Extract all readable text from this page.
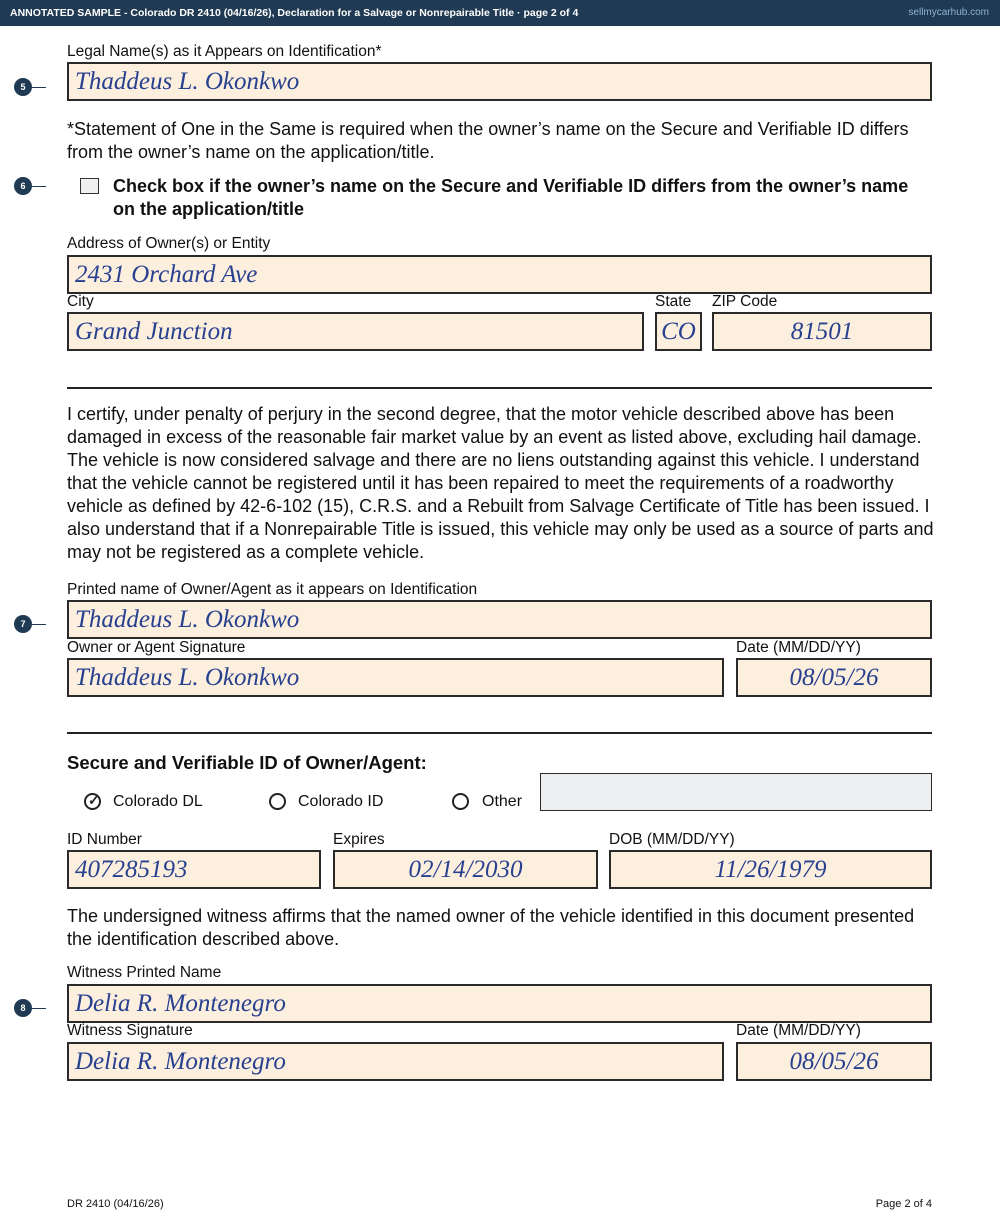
ANNOTATED SAMPLE - Colorado DR 2410 (04/16/26), Declaration for a Salvage or Nonrepairable Title · page 2 of 4	sellmycarhub.com
Legal Name(s) as it Appears on Identification*
5 Thaddeus L. Okonkwo
*Statement of One in the Same is required when the owner’s name on the Secure and Verifiable ID differs from the owner’s name on the application/title.
6	Check box if the owner’s name on the Secure and Verifiable ID differs from the owner’s name on the application/title
Address of Owner(s) or Entity
2431 Orchard Ave
City	State ZIP Code
Grand Junction	CO	81501
I certify, under penalty of perjury in the second degree, that the motor vehicle described above has been damaged in excess of the reasonable fair market value by an event as listed above, excluding hail damage. The vehicle is now considered salvage and there are no liens outstanding against this vehicle. I understand that the vehicle cannot be registered until it has been repaired to meet the requirements of a roadworthy vehicle as defined by 42-6-102 (15), C.R.S. and a Rebuilt from Salvage Certificate of Title has been issued. I also understand that if a Nonrepairable Title is issued, this vehicle may only be used as a source of parts and may not be registered as a complete vehicle.
Printed name of Owner/Agent as it appears on Identification
7 Thaddeus L. Okonkwo
Owner or Agent Signature	Date (MM/DD/YY)
Thaddeus L. Okonkwo	08/05/26
Secure and Verifiable ID of Owner/Agent:
✓ Colorado DL	Colorado ID	Other
ID Number	Expires	DOB (MM/DD/YY)
407285193	02/14/2030	11/26/1979
The undersigned witness affirms that the named owner of the vehicle identified in this document presented the identification described above.
Witness Printed Name
8 Delia R. Montenegro
Witness Signature	Date (MM/DD/YY)
Delia R. Montenegro	08/05/26
DR 2410 (04/16/26)	Page 2 of 4
